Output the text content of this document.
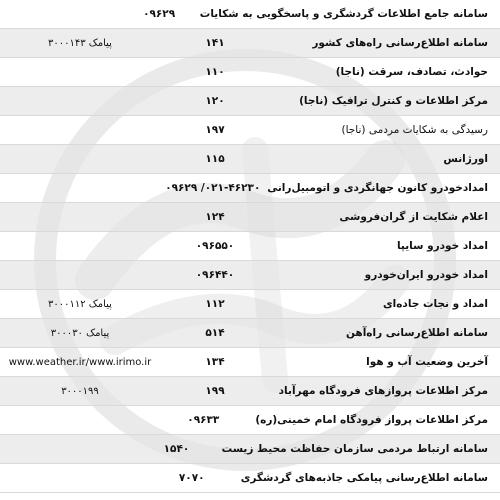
۰۹۶۲۹	سامانه جامع اطلاعات گردشگری و پاسخگویی به شکایات
پیامک ۳۰۰۰۱۴۳	۱۴۱	سامانه اطلاع‌رسانی راه‌های کشور
۱۱۰	حوادث، تصادف، سرقت (ناجا)
۱۲۰	مرکز اطلاعات و کنترل ترافیک (ناجا)
۱۹۷	رسیدگی به شکایات مردمی (ناجا)
۱۱۵	اورژانس
۰۹۶۲۹ /۰۲۱-۴۶۲۳۰ امدادخودرو کانون جهانگردی و اتومبیل‌رانی
۱۲۴	اعلام شکایت از گران‌فروشی
۰۹۶۵۵۰	امداد خودرو سایپا
۰۹۶۴۴۰	امداد خودرو ایران‌خودرو
پیامک ۳۰۰۰۱۱۲	۱۱۲	امداد و نجات جاده‌ای
پیامک ۳۰۰۰۳۰	۵۱۴	سامانه اطلاع‌رسانی راه‌آهن
www.weather.ir/www.irimo.ir	۱۳۴	آخرین وضعیت آب و هوا
۳۰۰۰۱۹۹	۱۹۹	مرکز اطلاعات پروازهای فرودگاه مهرآباد
۰۹۶۳۳	مرکز اطلاعات پرواز فرودگاه امام خمینی(ره)
۱۵۴۰	سامانه ارتباط مردمی سازمان حفاظت محیط زیست
۷۰۷۰	سامانه اطلاع‌رسانی پیامکی جاذبه‌های گردشگری
